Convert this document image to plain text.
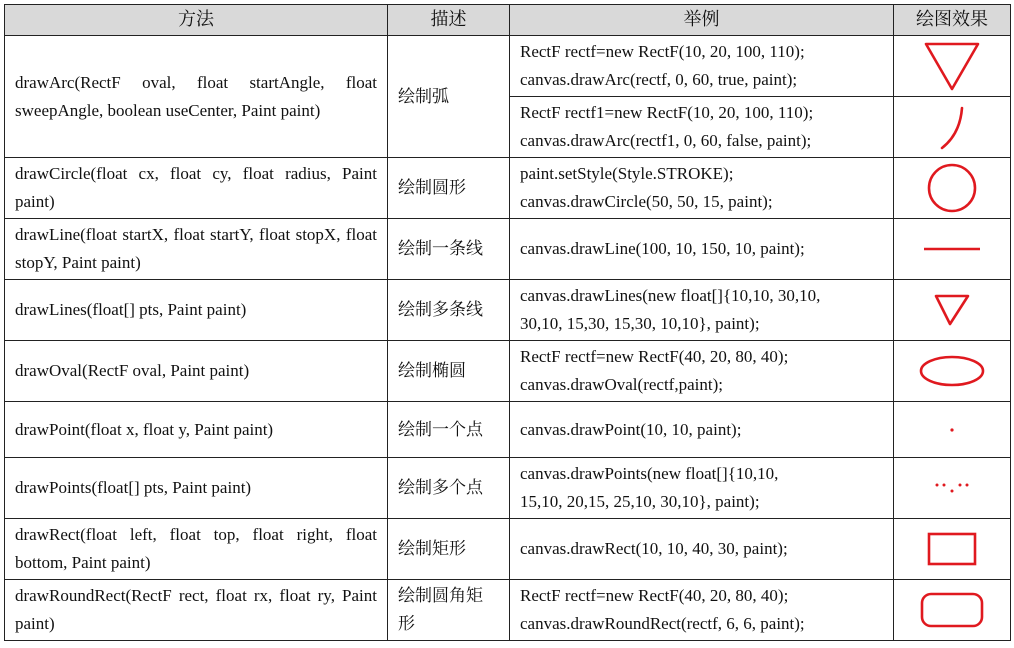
方法	描述	举例	绘图效果
drawArc(RectF oval, float startAngle, float sweepAngle, boolean useCenter, Paint paint)	绘制弧	RectF rectf=new RectF(10, 20, 100, 110);
canvas.drawArc(rectf, 0, 60, true, paint);

		RectF rectf1=new RectF(10, 20, 100, 110);
canvas.drawArc(rectf1, 0, 60, false, paint);

drawCircle(float cx, float cy, float radius, Paint paint)	绘制圆形	paint.setStyle(Style.STROKE);
canvas.drawCircle(50, 50, 15, paint);

drawLine(float startX, float startY, float stopX, float stopY, Paint paint)	绘制一条线	canvas.drawLine(100, 10, 150, 10, paint);

drawLines(float[] pts, Paint paint)	绘制多条线	canvas.drawLines(new float[]{10,10, 30,10,
30,10, 15,30, 15,30, 10,10}, paint);

drawOval(RectF oval, Paint paint)	绘制椭圆	RectF rectf=new RectF(40, 20, 80, 40);
canvas.drawOval(rectf,paint);

drawPoint(float x, float y, Paint paint)	绘制一个点	canvas.drawPoint(10, 10, paint);

drawPoints(float[] pts, Paint paint)	绘制多个点	canvas.drawPoints(new float[]{10,10,
15,10, 20,15, 25,10, 30,10}, paint);

drawRect(float left, float top, float right, float bottom, Paint paint)	绘制矩形	canvas.drawRect(10, 10, 40, 30, paint);

drawRoundRect(RectF rect, float rx, float ry, Paint paint)	绘制圆角矩形	RectF rectf=new RectF(40, 20, 80, 40);
canvas.drawRoundRect(rectf, 6, 6, paint);
